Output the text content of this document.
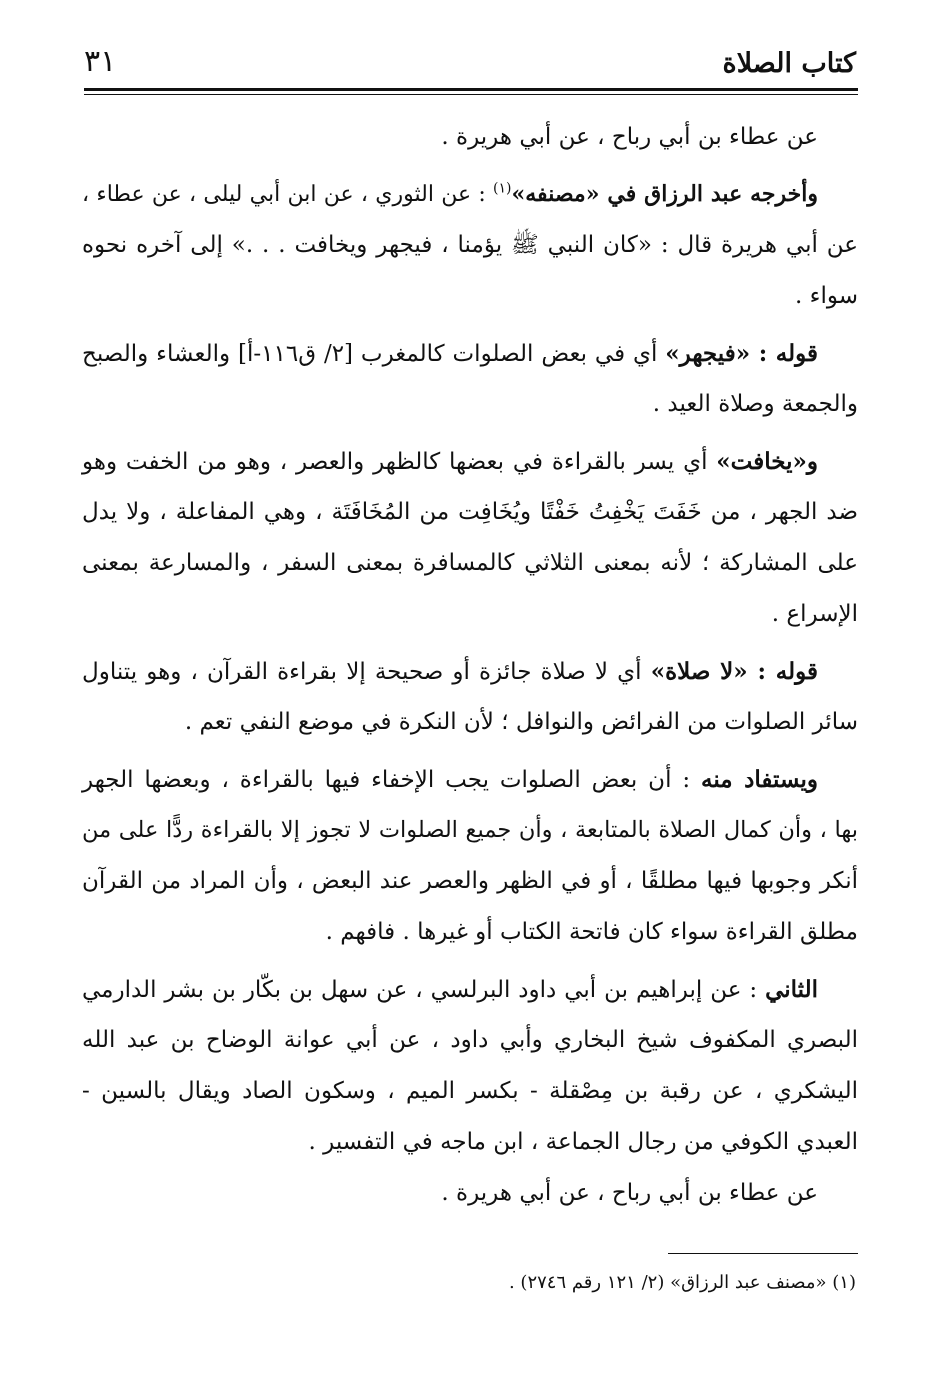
كتاب الصلاة
٣١
عن عطاء بن أبي رباح ، عن أبي هريرة .
وأخرجه عبد الرزاق في «مصنفه»$^{(١)}$ : عن الثوري ، عن ابن أبي ليلى ، عن عطاء ،
عن أبي هريرة قال : «كان النبي ﷺ يؤمنا ، فيجهر ويخافت . . .» إلى آخره نحوه
سواء .
قوله : «فيجهر» أي في بعض الصلوات كالمغرب [٢/ ق١١٦-أ] والعشاء والصبح
والجمعة وصلاة العيد .
و«يخافت» أي يسر بالقراءة في بعضها كالظهر والعصر ، وهو من الخفت وهو
ضد الجهر ، من خَفَتَ يَخْفِتُ خَفْتًا ويُخَافِت من المُخَافَتَة ، وهي المفاعلة ، ولا يدل
على المشاركة ؛ لأنه بمعنى الثلاثي كالمسافرة بمعنى السفر ، والمسارعة بمعنى
الإسراع .
قوله : «لا صلاة» أي لا صلاة جائزة أو صحيحة إلا بقراءة القرآن ، وهو يتناول
سائر الصلوات من الفرائض والنوافل ؛ لأن النكرة في موضع النفي تعم .
ويستفاد منه : أن بعض الصلوات يجب الإخفاء فيها بالقراءة ، وبعضها الجهر
بها ، وأن كمال الصلاة بالمتابعة ، وأن جميع الصلوات لا تجوز إلا بالقراءة ردًّا على من
أنكر وجوبها فيها مطلقًا ، أو في الظهر والعصر عند البعض ، وأن المراد من القرآن
مطلق القراءة سواء كان فاتحة الكتاب أو غيرها . فافهم .
الثاني : عن إبراهيم بن أبي داود البرلسي ، عن سهل بن بكّار بن بشر الدارمي
البصري المكفوف شيخ البخاري وأبي داود ، عن أبي عوانة الوضاح بن عبد الله
اليشكري ، عن رقبة بن مِصْقلة - بكسر الميم ، وسكون الصاد ويقال بالسين -
العبدي الكوفي من رجال الجماعة ، ابن ماجه في التفسير .
عن عطاء بن أبي رباح ، عن أبي هريرة .
(١) «مصنف عبد الرزاق» (٢/ ١٢١ رقم ٢٧٤٦) .
